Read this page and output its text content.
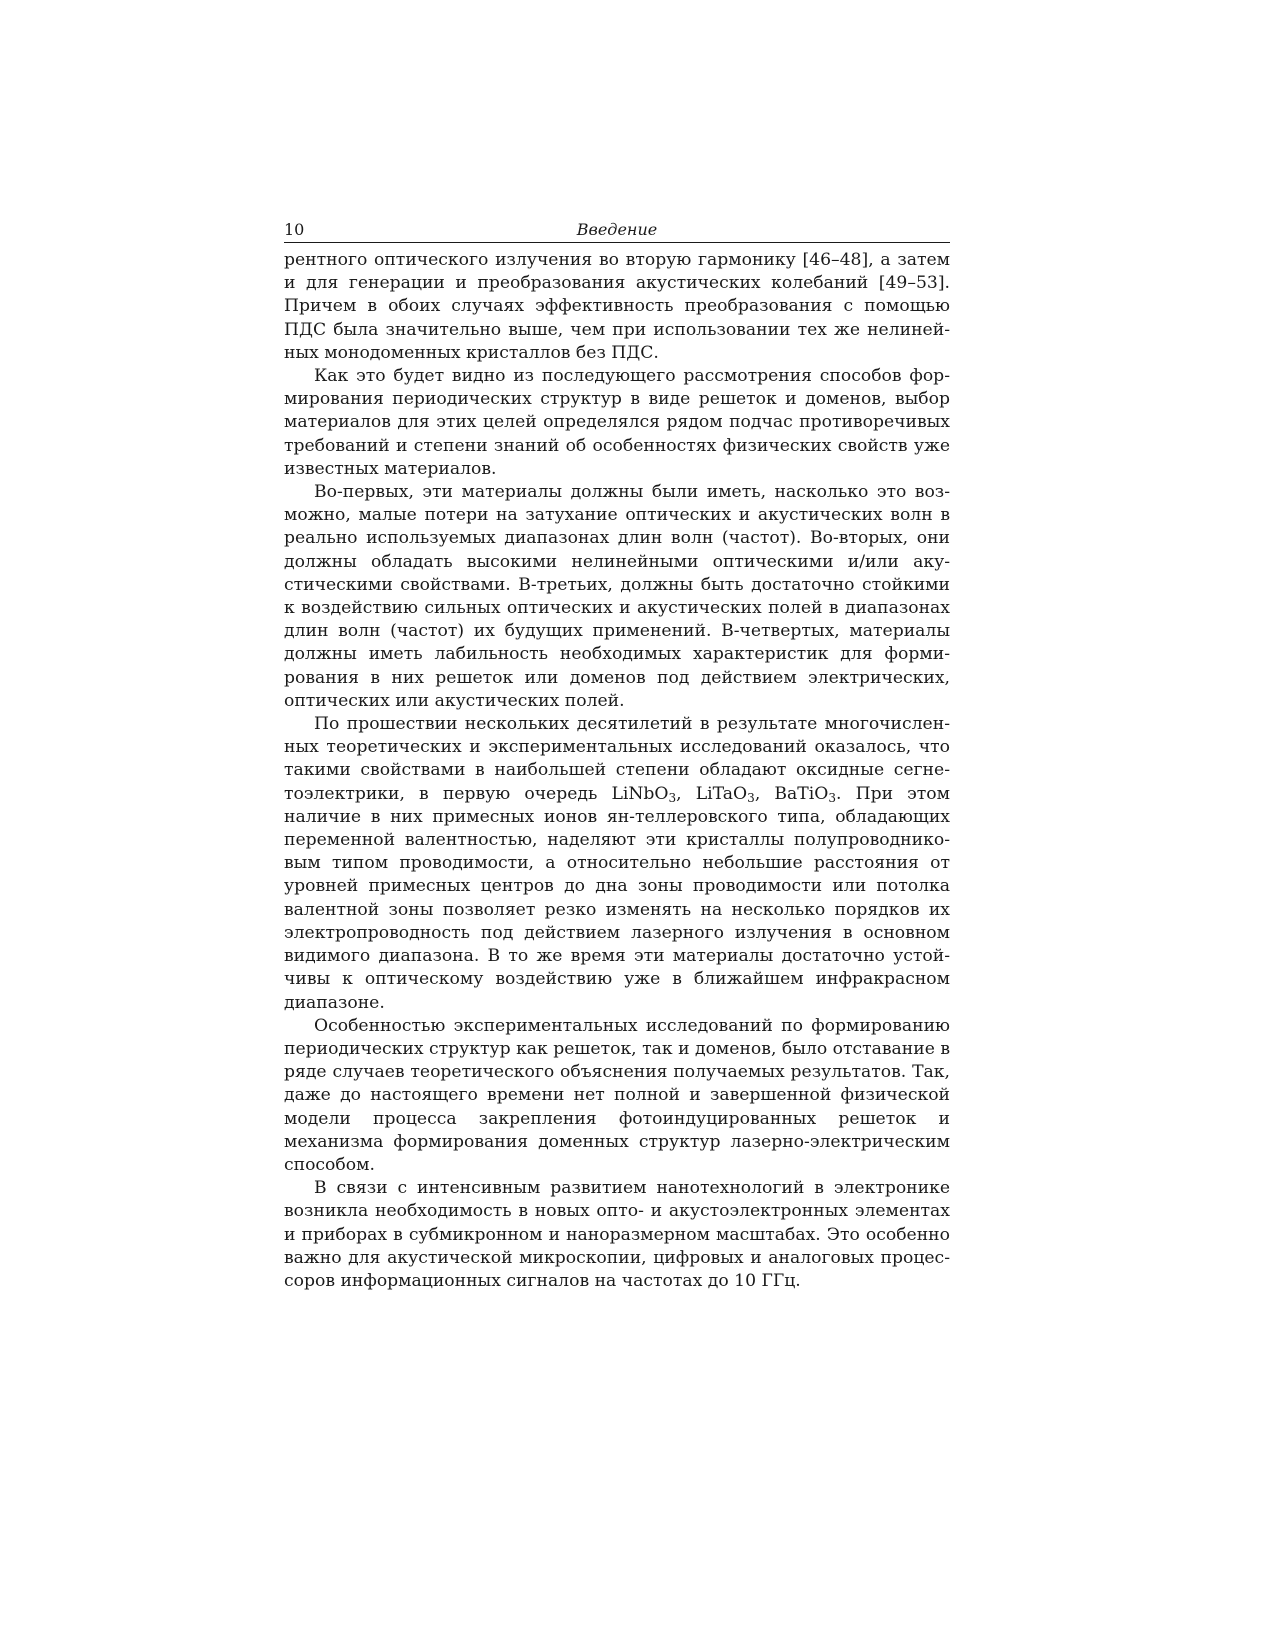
10	Введение

рентного оптического излучения во вторую гармонику [46–48], а затем и для генерации и преобразования акустических колебаний [49–53]. Причем в обоих случаях эффективность преобразования с помощью ПДС была значительно выше, чем при использовании тех же нелинейных монодоменных кристаллов без ПДС.

Как это будет видно из последующего рассмотрения способов формирования периодических структур в виде решеток и доменов, выбор материалов для этих целей определялся рядом подчас противоречивых требований и степени знаний об особенностях физических свойств уже известных материалов.

Во-первых, эти материалы должны были иметь, насколько это возможно, малые потери на затухание оптических и акустических волн в реально используемых диапазонах длин волн (частот). Во-вторых, они должны обладать высокими нелинейными оптическими и/или акустическими свойствами. В-третьих, должны быть достаточно стойкими к воздействию сильных оптических и акустических полей в диапазонах длин волн (частот) их будущих применений. В-четвертых, материалы должны иметь лабильность необходимых характеристик для формирования в них решеток или доменов под действием электрических, оптических или акустических полей.

По прошествии нескольких десятилетий в результате многочисленных теоретических и экспериментальных исследований оказалось, что такими свойствами в наибольшей степени обладают оксидные сегнетоэлектрики, в первую очередь LiNbO$_3$, LiTaO$_3$, BaTiO$_3$. При этом наличие в них примесных ионов ян-теллеровского типа, обладающих переменной валентностью, наделяют эти кристаллы полупроводниковым типом проводимости, а относительно небольшие расстояния от уровней примесных центров до дна зоны проводимости или потолка валентной зоны позволяет резко изменять на несколько порядков их электропроводность под действием лазерного излучения в основном видимого диапазона. В то же время эти материалы достаточно устойчивы к оптическому воздействию уже в ближайшем инфракрасном диапазоне.

Особенностью экспериментальных исследований по формированию периодических структур как решеток, так и доменов, было отставание в ряде случаев теоретического объяснения получаемых результатов. Так, даже до настоящего времени нет полной и завершенной физической модели процесса закрепления фотоиндуцированных решеток и механизма формирования доменных структур лазерно-электрическим способом.

В связи с интенсивным развитием нанотехнологий в электронике возникла необходимость в новых опто- и акустоэлектронных элементах и приборах в субмикронном и наноразмерном масштабах. Это особенно важно для акустической микроскопии, цифровых и аналоговых процессоров информационных сигналов на частотах до 10 ГГц.
